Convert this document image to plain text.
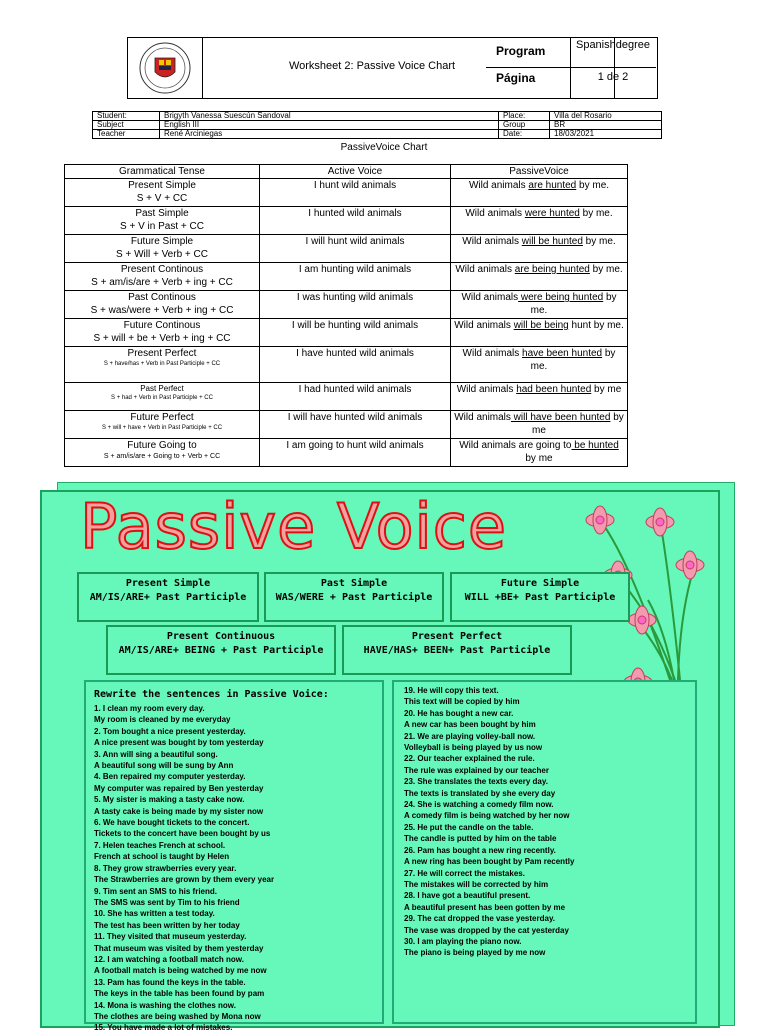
Worksheet 2: Passive Voice Chart
Program	Spanishdegree
Página	1 de 2
Student:	Brigyth Vanessa Suescún Sandoval	Place:	Villa del Rosario
Subject	English III	Group	BR
Teacher	René Arciniegas	Date:	18/03/2021
PassiveVoice Chart
Grammatical Tense	Active Voice	PassiveVoice

Present Simple
S + V + CC	I hunt wild animals	Wild animals are hunted by me.

Past Simple
S + V in Past + CC	I hunted wild animals	Wild animals were hunted by me.

Future Simple
S + Will + Verb + CC	I will hunt wild animals	Wild animals will be hunted by me.

Present Continous
S + am/is/are + Verb + ing + CC	I am hunting wild animals	Wild animals are being hunted by me.

Past Continous
S + was/were + Verb + ing + CC	I was hunting wild animals	Wild animals were being hunted by me.

Future Continous
S + will + be + Verb + ing + CC	I will be hunting wild animals	Wild animals will be being hunt by me.

Present Perfect
S + have/has + Verb in Past Participle + CC	I have hunted wild animals	Wild animals have been hunted by me.

Past Perfect
S + had + Verb in Past Participle + CC	I had hunted wild animals	Wild animals had been hunted by me

Future Perfect
S + will + have + Verb in Past Participle + CC	I will have hunted wild animals	Wild animals will have been hunted by me

Future Going to
S + am/is/are + Going to + Verb + CC	I am going to hunt wild animals	Wild animals are going to be hunted by me
Passive Voice
Present Simple
AM/IS/ARE+ Past Participle
Past Simple
WAS/WERE + Past Participle
Future Simple
WILL +BE+ Past Participle
Present Continuous
AM/IS/ARE+ BEING + Past Participle
Present Perfect
HAVE/HAS+ BEEN+ Past Participle
Rewrite the sentences in Passive Voice:
1. I clean my room every day.
My room is cleaned by me everyday
2. Tom bought a nice present yesterday.
A nice present was bought by tom yesterday
3. Ann will sing a beautiful song.
A beautiful song will be sung by Ann
4. Ben repaired my computer yesterday.
My computer was repaired by Ben yesterday
5. My sister is making a tasty cake now.
A tasty cake is being made by my sister now
6. We have bought tickets to the concert.
Tickets to the concert have been bought by us
7. Helen teaches French at school.
French at school is taught by Helen
8. They grow strawberries every year.
The Strawberries are grown by them every year
9. Tim sent an SMS to his friend.
The SMS was sent by Tim to his friend
10. She has written a test today.
The test has been written by her today
11. They visited that museum yesterday.
That museum was visited by them yesterday
12. I am watching a football match now.
A football match is being watched by me now
13. Pam has found the keys in the table.
The keys in the table has been found by pam
14. Mona is washing the clothes now.
The clothes are being washed by Mona now
15. You have made a lot of mistakes.
19. He will copy this text.
This text will be copied by him
20. He has bought a new car.
A new car has been bought by him
21. We are playing volley-ball now.
Volleyball is being played by us now
22. Our teacher explained the rule.
The rule was explained by our teacher
23. She translates the texts every day.
The texts is translated by she every day
24. She is watching a comedy film now.
A comedy film is being watched by her now
25. He put the candle on the table.
The candle is putted by him on the table
26. Pam has bought a new ring recently.
A new ring has been bought by Pam recently
27. He will correct the mistakes.
The mistakes will be corrected by him
28. I have got a beautiful present.
A beautiful present has been gotten by me
29. The cat dropped the vase yesterday.
The vase was dropped by the cat yesterday
30. I am playing the piano now.
The piano is being played by me now
